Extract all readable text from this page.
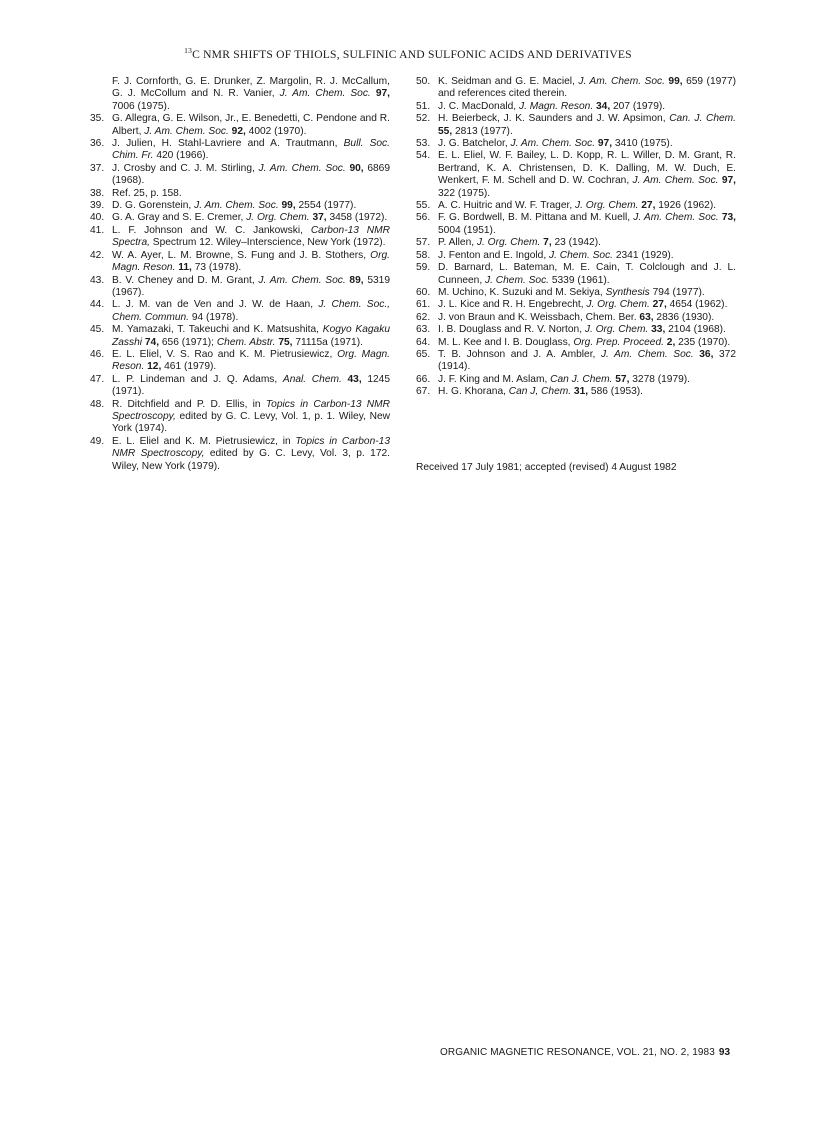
$^{13}$C NMR SHIFTS OF THIOLS, SULFINIC AND SULFONIC ACIDS AND DERIVATIVES
F. J. Cornforth, G. E. Drunker, Z. Margolin, R. J. McCallum, G. J. McCollum and N. R. Vanier, J. Am. Chem. Soc. 97, 7006 (1975).
35. G. Allegra, G. E. Wilson, Jr., E. Benedetti, C. Pendone and R. Albert, J. Am. Chem. Soc. 92, 4002 (1970).
36. J. Julien, H. Stahl-Lavriere and A. Trautmann, Bull. Soc. Chim. Fr. 420 (1966).
37. J. Crosby and C. J. M. Stirling, J. Am. Chem. Soc. 90, 6869 (1968).
38. Ref. 25, p. 158.
39. D. G. Gorenstein, J. Am. Chem. Soc. 99, 2554 (1977).
40. G. A. Gray and S. E. Cremer, J. Org. Chem. 37, 3458 (1972).
41. L. F. Johnson and W. C. Jankowski, Carbon-13 NMR Spectra, Spectrum 12. Wiley–Interscience, New York (1972).
42. W. A. Ayer, L. M. Browne, S. Fung and J. B. Stothers, Org. Magn. Reson. 11, 73 (1978).
43. B. V. Cheney and D. M. Grant, J. Am. Chem. Soc. 89, 5319 (1967).
44. L. J. M. van de Ven and J. W. de Haan, J. Chem. Soc., Chem. Commun. 94 (1978).
45. M. Yamazaki, T. Takeuchi and K. Matsushita, Kogyo Kagaku Zasshi 74, 656 (1971); Chem. Abstr. 75, 71115a (1971).
46. E. L. Eliel, V. S. Rao and K. M. Pietrusiewicz, Org. Magn. Reson. 12, 461 (1979).
47. L. P. Lindeman and J. Q. Adams, Anal. Chem. 43, 1245 (1971).
48. R. Ditchfield and P. D. Ellis, in Topics in Carbon-13 NMR Spectroscopy, edited by G. C. Levy, Vol. 1, p. 1. Wiley, New York (1974).
49. E. L. Eliel and K. M. Pietrusiewicz, in Topics in Carbon-13 NMR Spectroscopy, edited by G. C. Levy, Vol. 3, p. 172. Wiley, New York (1979).
50. K. Seidman and G. E. Maciel, J. Am. Chem. Soc. 99, 659 (1977) and references cited therein.
51. J. C. MacDonald, J. Magn. Reson. 34, 207 (1979).
52. H. Beierbeck, J. K. Saunders and J. W. Apsimon, Can. J. Chem. 55, 2813 (1977).
53. J. G. Batchelor, J. Am. Chem. Soc. 97, 3410 (1975).
54. E. L. Eliel, W. F. Bailey, L. D. Kopp, R. L. Willer, D. M. Grant, R. Bertrand, K. A. Christensen, D. K. Dalling, M. W. Duch, E. Wenkert, F. M. Schell and D. W. Cochran, J. Am. Chem. Soc. 97, 322 (1975).
55. A. C. Huitric and W. F. Trager, J. Org. Chem. 27, 1926 (1962).
56. F. G. Bordwell, B. M. Pittana and M. Kuell, J. Am. Chem. Soc. 73, 5004 (1951).
57. P. Allen, J. Org. Chem. 7, 23 (1942).
58. J. Fenton and E. Ingold, J. Chem. Soc. 2341 (1929).
59. D. Barnard, L. Bateman, M. E. Cain, T. Colclough and J. L. Cunneen, J. Chem. Soc. 5339 (1961).
60. M. Uchino, K. Suzuki and M. Sekiya, Synthesis 794 (1977).
61. J. L. Kice and R. H. Engebrecht, J. Org. Chem. 27, 4654 (1962).
62. J. von Braun and K. Weissbach, Chem. Ber. 63, 2836 (1930).
63. I. B. Douglass and R. V. Norton, J. Org. Chem. 33, 2104 (1968).
64. M. L. Kee and I. B. Douglass, Org. Prep. Proceed. 2, 235 (1970).
65. T. B. Johnson and J. A. Ambler, J. Am. Chem. Soc. 36, 372 (1914).
66. J. F. King and M. Aslam, Can J. Chem. 57, 3278 (1979).
67. H. G. Khorana, Can J, Chem. 31, 586 (1953).
Received 17 July 1981; accepted (revised) 4 August 1982
ORGANIC MAGNETIC RESONANCE, VOL. 21, NO. 2, 1983 93
